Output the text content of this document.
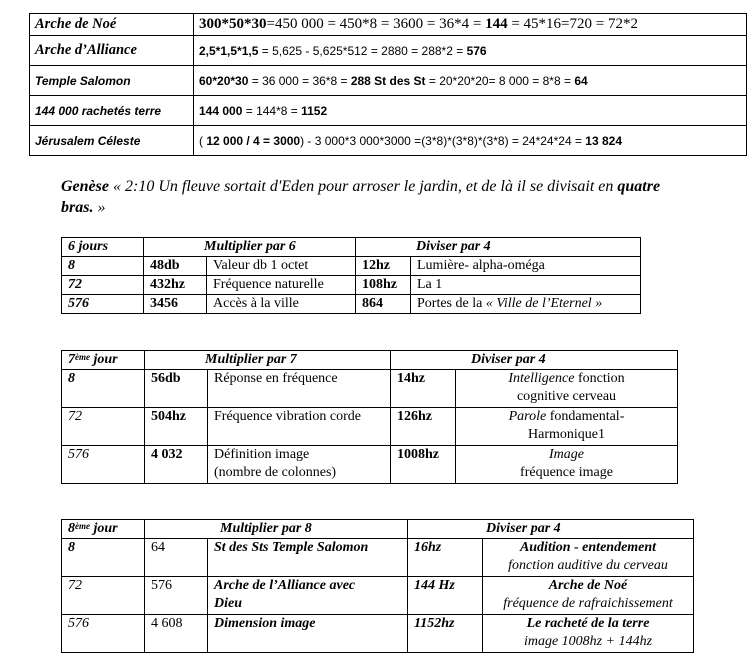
Arche de Noé	300*50*30=450 000 = 450*8 = 3600 = 36*4 = 144 = 45*16=720 = 72*2
Arche d’Alliance	2,5*1,5*1,5 = 5,625 - 5,625*512 = 2880 = 288*2 = 576
Temple Salomon	60*20*30 = 36 000 = 36*8 = 288 St des St = 20*20*20= 8 000 = 8*8 = 64
144 000 rachetés terre	144 000 = 144*8 = 1152
Jérusalem Céleste	( 12 000 / 4 = 3000) - 3 000*3 000*3000 =(3*8)*(3*8)*(3*8) = 24*24*24 = 13 824
Genèse « 2:10 Un fleuve sortait d'Eden pour arroser le jardin, et de là il se divisait en quatre bras. »
6 jours	Multiplier par 6		Diviser par 4	
8	48db	Valeur db 1 octet	12hz	Lumière- alpha-oméga
72	432hz	Fréquence naturelle	108hz	La 1
576	3456	Accès à la ville	864	Portes de la « Ville de l’Eternel »
7ème jour	Multiplier par 7		Diviser par 4	
8	56db	Réponse en fréquence	14hz	Intelligence fonction
cognitive cerveau
72	504hz	Fréquence vibration corde	126hz	Parole fondamental-
Harmonique1
576	4 032	Définition image
(nombre de colonnes)	1008hz	Image
fréquence image
8ème jour	Multiplier par 8		Diviser par 4	
8	64	St des Sts Temple Salomon	16hz	Audition - entendement
fonction auditive du cerveau
72	576	Arche de l’Alliance avec
Dieu	144 Hz	Arche de Noé
fréquence de rafraichissement
576	4 608	Dimension image	1152hz	Le racheté de la terre
image 1008hz + 144hz
